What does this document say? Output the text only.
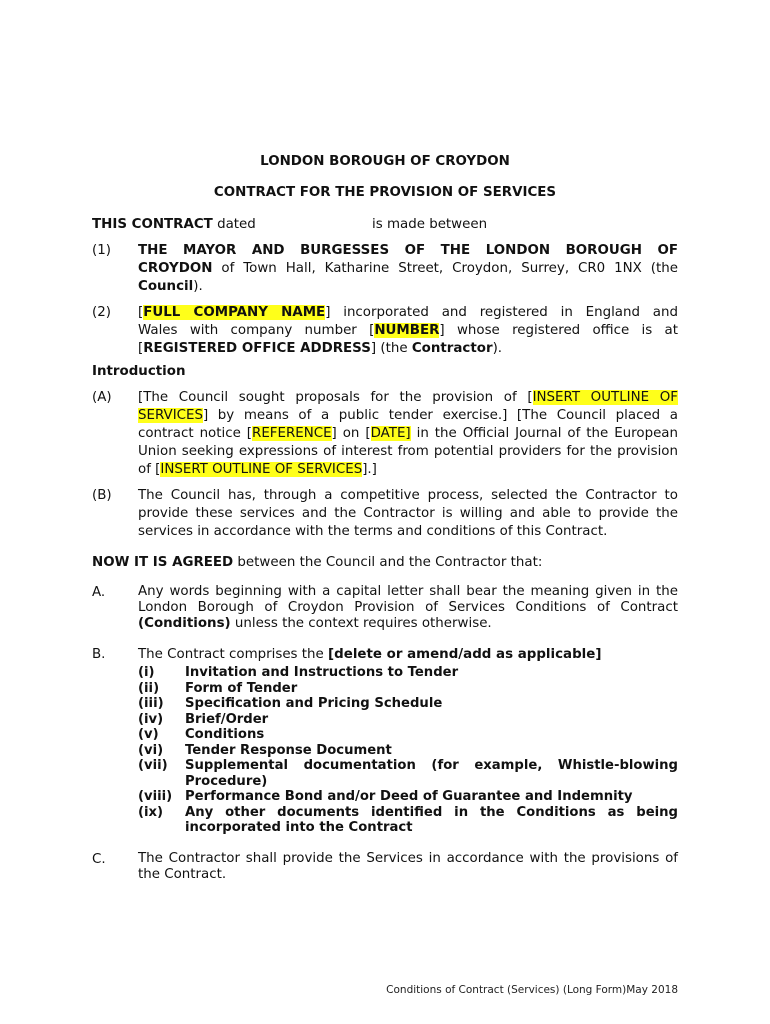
LONDON BOROUGH OF CROYDON
CONTRACT FOR THE PROVISION OF SERVICES
THIS CONTRACT dated	is made between
(1) THE MAYOR AND BURGESSES OF THE LONDON BOROUGH OF
CROYDON of Town Hall, Katharine Street, Croydon, Surrey, CR0 1NX (the
Council).
(2) [FULL COMPANY NAME] incorporated and registered in England and
Wales with company number [NUMBER] whose registered office is at
[REGISTERED OFFICE ADDRESS] (the Contractor).
Introduction
(A) [The Council sought proposals for the provision of [INSERT OUTLINE OF SERVICES] by means of a public tender exercise.] [The Council placed a contract notice [REFERENCE] on [DATE] in the Official Journal of the European Union seeking expressions of interest from potential providers for the provision of [INSERT OUTLINE OF SERVICES].]
(B) The Council has, through a competitive process, selected the Contractor to provide these services and the Contractor is willing and able to provide the services in accordance with the terms and conditions of this Contract.
NOW IT IS AGREED between the Council and the Contractor that:
A. Any words beginning with a capital letter shall bear the meaning given in the London Borough of Croydon Provision of Services Conditions of Contract (Conditions) unless the context requires otherwise.
B. The Contract comprises the [delete or amend/add as applicable]
(i)	Invitation and Instructions to Tender
(ii)	Form of Tender
(iii)	Specification and Pricing Schedule
(iv)	Brief/Order
(v)	Conditions
(vi)	Tender Response Document
(vii)	Supplemental documentation (for example, Whistle-blowing Procedure)
(viii) Performance Bond and/or Deed of Guarantee and Indemnity
(ix)	Any other documents identified in the Conditions as being incorporated into the Contract
C. The Contractor shall provide the Services in accordance with the provisions of the Contract.
Conditions of Contract (Services) (Long Form)May 2018
